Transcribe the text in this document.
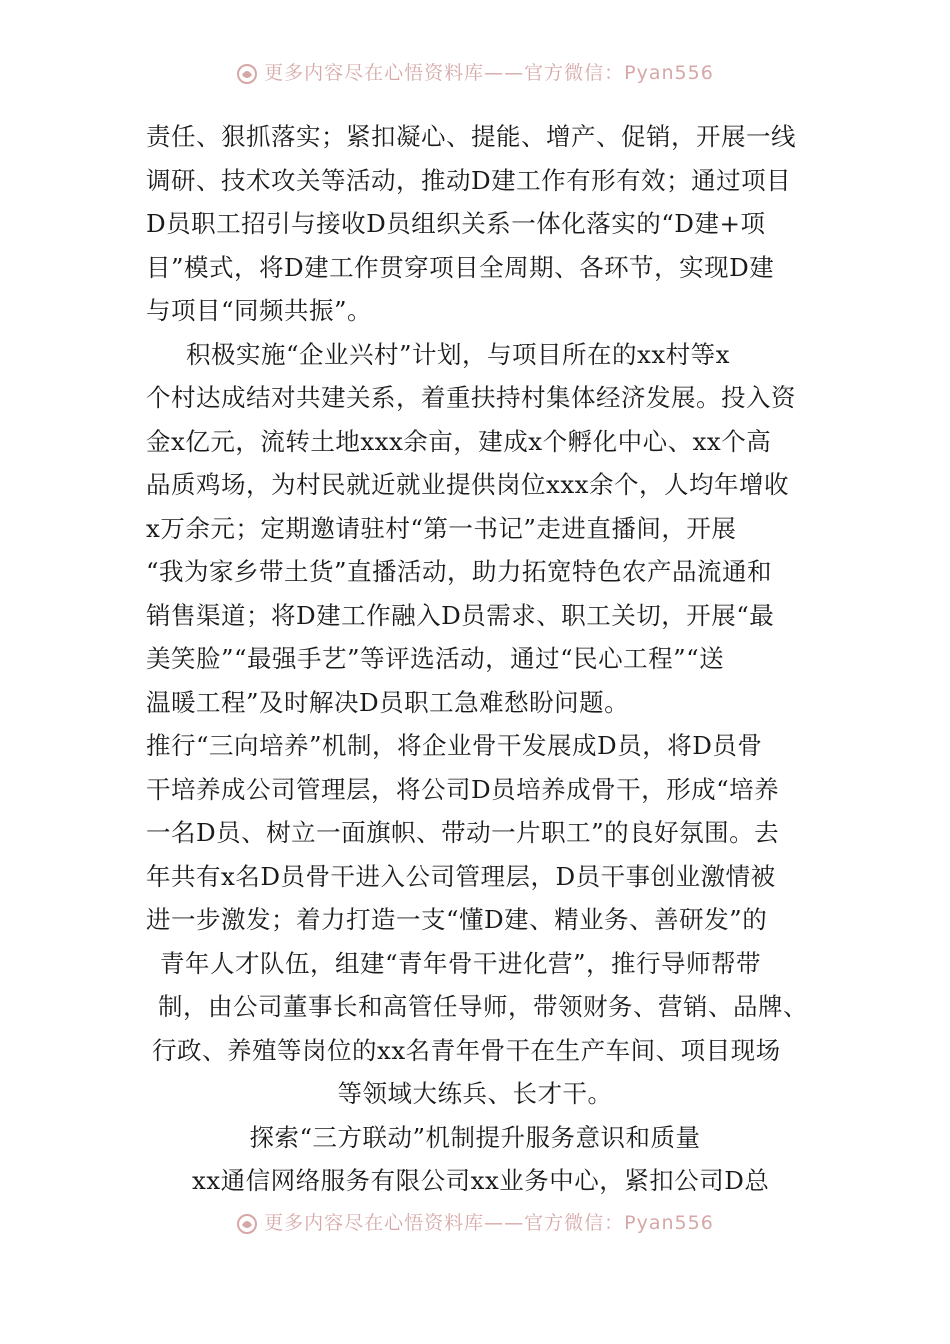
更多内容尽在心悟资料库——官方微信：Pyan556
责任、狠抓落实；紧扣凝心、提能、增产、促销，开展一线
调研、技术攻关等活动，推动D建工作有形有效；通过项目
D员职工招引与接收D员组织关系一体化落实的“D建+项
目”模式，将D建工作贯穿项目全周期、各环节，实现D建
与项目“同频共振”。
积极实施“企业兴村”计划，与项目所在的xx村等x
个村达成结对共建关系，着重扶持村集体经济发展。投入资
金x亿元，流转土地xxx余亩，建成x个孵化中心、xx个高
品质鸡场，为村民就近就业提供岗位xxx余个，人均年增收
x万余元；定期邀请驻村“第一书记”走进直播间，开展
“我为家乡带土货”直播活动，助力拓宽特色农产品流通和
销售渠道；将D建工作融入D员需求、职工关切，开展“最
美笑脸”“最强手艺”等评选活动，通过“民心工程”“送
温暖工程”及时解决D员职工急难愁盼问题。
推行“三向培养”机制，将企业骨干发展成D员，将D员骨
干培养成公司管理层，将公司D员培养成骨干，形成“培养
一名D员、树立一面旗帜、带动一片职工”的良好氛围。去
年共有x名D员骨干进入公司管理层，D员干事创业激情被
进一步激发；着力打造一支“懂D建、精业务、善研发”的
青年人才队伍，组建“青年骨干进化营”，推行导师帮带
制，由公司董事长和高管任导师，带领财务、营销、品牌、
行政、养殖等岗位的xx名青年骨干在生产车间、项目现场
等领域大练兵、长才干。
探索“三方联动”机制提升服务意识和质量
xx通信网络服务有限公司xx业务中心，紧扣公司D总
更多内容尽在心悟资料库——官方微信：Pyan556
